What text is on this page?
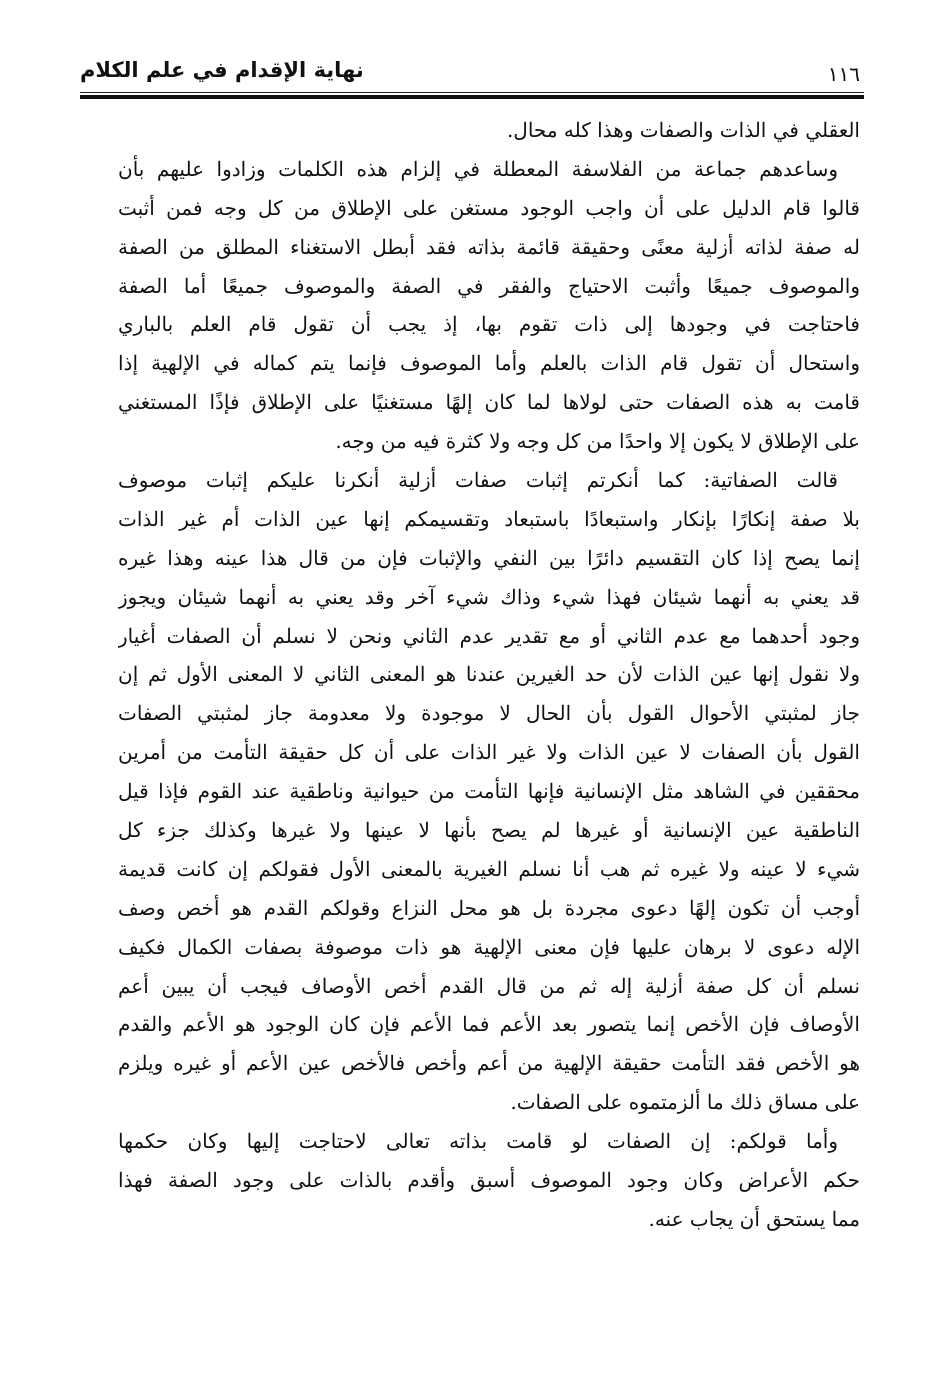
نهاية الإقدام في علم الكلام	١١٦
العقلي في الذات والصفات وهذا كله محال.
وساعدهم جماعة من الفلاسفة المعطلة في إلزام هذه الكلمات وزادوا عليهم بأن
قالوا قام الدليل على أن واجب الوجود مستغن على الإطلاق من كل وجه فمن أثبت
له صفة لذاته أزلية معنًى وحقيقة قائمة بذاته فقد أبطل الاستغناء المطلق من الصفة
والموصوف جميعًا وأثبت الاحتياج والفقر في الصفة والموصوف جميعًا أما الصفة
فاحتاجت في وجودها إلى ذات تقوم بها، إذ يجب أن تقول قام العلم بالباري
واستحال أن تقول قام الذات بالعلم وأما الموصوف فإنما يتم كماله في الإلهية إذا
قامت به هذه الصفات حتى لولاها لما كان إلهًا مستغنيًا على الإطلاق فإذًا المستغني
على الإطلاق لا يكون إلا واحدًا من كل وجه ولا كثرة فيه من وجه.
قالت الصفاتية: كما أنكرتم إثبات صفات أزلية أنكرنا عليكم إثبات موصوف
بلا صفة إنكارًا بإنكار واستبعادًا باستبعاد وتقسيمكم إنها عين الذات أم غير الذات
إنما يصح إذا كان التقسيم دائرًا بين النفي والإثبات فإن من قال هذا عينه وهذا غيره
قد يعني به أنهما شيئان فهذا شيء وذاك شيء آخر وقد يعني به أنهما شيئان ويجوز
وجود أحدهما مع عدم الثاني أو مع تقدير عدم الثاني ونحن لا نسلم أن الصفات أغيار
ولا نقول إنها عين الذات لأن حد الغيرين عندنا هو المعنى الثاني لا المعنى الأول ثم إن
جاز لمثبتي الأحوال القول بأن الحال لا موجودة ولا معدومة جاز لمثبتي الصفات
القول بأن الصفات لا عين الذات ولا غير الذات على أن كل حقيقة التأمت من أمرين
محققين في الشاهد مثل الإنسانية فإنها التأمت من حيوانية وناطقية عند القوم فإذا قيل
الناطقية عين الإنسانية أو غيرها لم يصح بأنها لا عينها ولا غيرها وكذلك جزء كل
شيء لا عينه ولا غيره ثم هب أنا نسلم الغيرية بالمعنى الأول فقولكم إن كانت قديمة
أوجب أن تكون إلهًا دعوى مجردة بل هو محل النزاع وقولكم القدم هو أخص وصف
الإله دعوى لا برهان عليها فإن معنى الإلهية هو ذات موصوفة بصفات الكمال فكيف
نسلم أن كل صفة أزلية إله ثم من قال القدم أخص الأوصاف فيجب أن يبين أعم
الأوصاف فإن الأخص إنما يتصور بعد الأعم فما الأعم فإن كان الوجود هو الأعم والقدم
هو الأخص فقد التأمت حقيقة الإلهية من أعم وأخص فالأخص عين الأعم أو غيره ويلزم
على مساق ذلك ما ألزمتموه على الصفات.
وأما قولكم: إن الصفات لو قامت بذاته تعالى لاحتاجت إليها وكان حكمها
حكم الأعراض وكان وجود الموصوف أسبق وأقدم بالذات على وجود الصفة فهذا
مما يستحق أن يجاب عنه.
